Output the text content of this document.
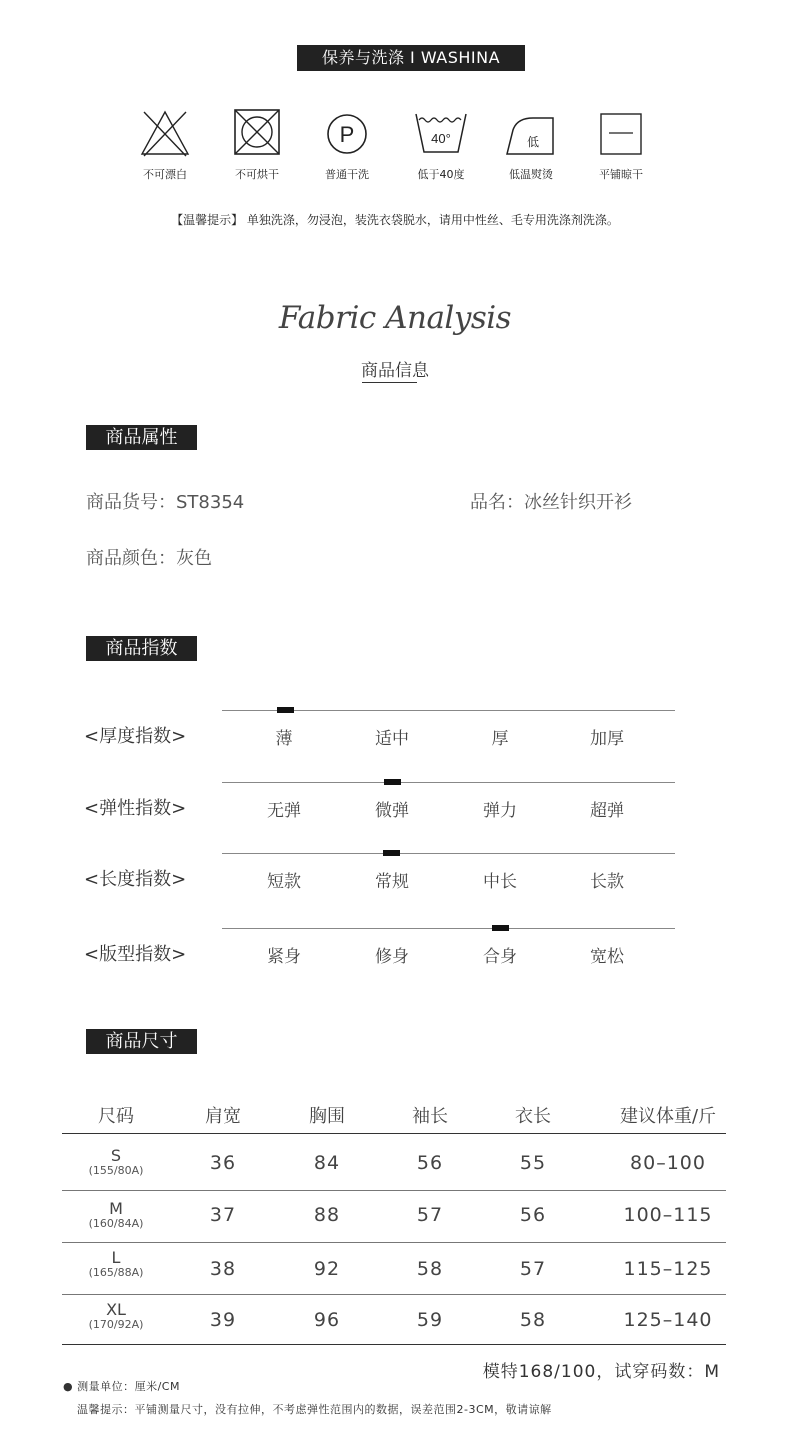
保养与洗涤 I WASHINA
不可漂白	不可烘干
P
普通干洗
40°
低于40度
低
低温熨烫	平铺晾干
【温馨提示】 单独洗涤，勿浸泡，装洗衣袋脱水，请用中性丝、毛专用洗涤剂洗涤。
Fabric Analysis
商品信息
商品属性
商品货号：ST8354	品名：冰丝针织开衫
商品颜色：灰色
商品指数
<厚度指数>	薄	适中	厚	加厚
<弹性指数>	无弹	微弹	弹力	超弹
<长度指数>	短款	常规	中长	长款
<版型指数>	紧身	修身	合身	宽松
商品尺寸
尺码	肩宽	胸围	袖长	衣长	建议体重/斤
S
(155/80A)	36	84	56	55	80–100
M
(160/84A)	37	88	57	56	100–115
L
(165/88A)	38	92	58	57	115–125
XL
(170/92A)	39	96	59	58	125–140
模特168/100，试穿码数：M
● 测量单位：厘米/CM
温馨提示：平铺测量尺寸，没有拉伸，不考虑弹性范围内的数据，误差范围2-3CM，敬请谅解
